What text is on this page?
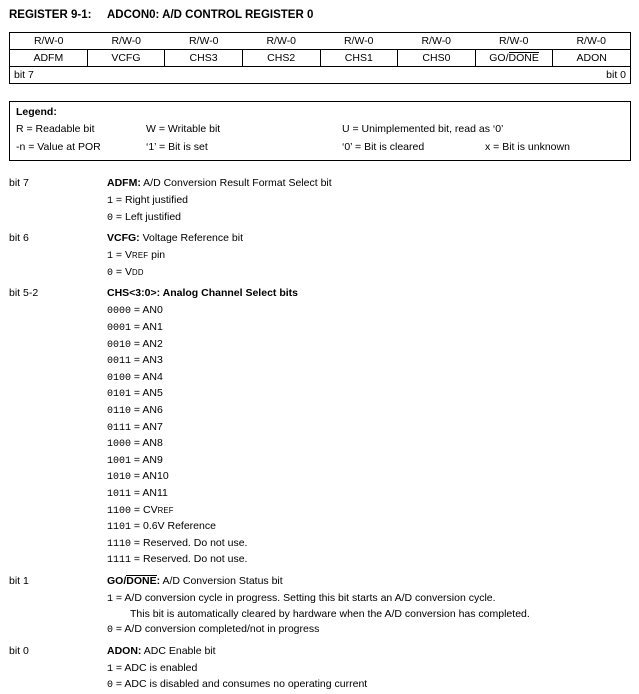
REGISTER 9-1:	ADCON0: A/D CONTROL REGISTER 0
R/W-0	R/W-0	R/W-0	R/W-0	R/W-0	R/W-0	R/W-0	R/W-0
ADFM	VCFG	CHS3	CHS2	CHS1	CHS0	GO/ DONE	ADON
bit 7	bit 0
Legend:
R = Readable bit	W = Writable bit	U = Unimplemented bit, read as ‘0’
-n = Value at POR	‘1’ = Bit is set	‘0’ = Bit is cleared	x = Bit is unknown
bit 7	ADFM: A/D Conversion Result Format Select bit
1 = Right justified
0 = Left justified
bit 6	VCFG: Voltage Reference bit
1 = VREF pin
0 = VDD
bit 5-2	CHS<3:0>: Analog Channel Select bits
0000 = AN0
0001 = AN1
0010 = AN2
0011 = AN3
0100 = AN4
0101 = AN5
0110 = AN6
0111 = AN7
1000 = AN8
1001 = AN9
1010 = AN10
1011 = AN11
1100 = CVREF
1101 = 0.6V Reference
1110 = Reserved. Do not use.
1111 = Reserved. Do not use.
bit 1	GO/DONE: A/D Conversion Status bit
1 = A/D conversion cycle in progress. Setting this bit starts an A/D conversion cycle.
This bit is automatically cleared by hardware when the A/D conversion has completed.
0 = A/D conversion completed/not in progress
bit 0	ADON: ADC Enable bit
1 = ADC is enabled
0 = ADC is disabled and consumes no operating current
